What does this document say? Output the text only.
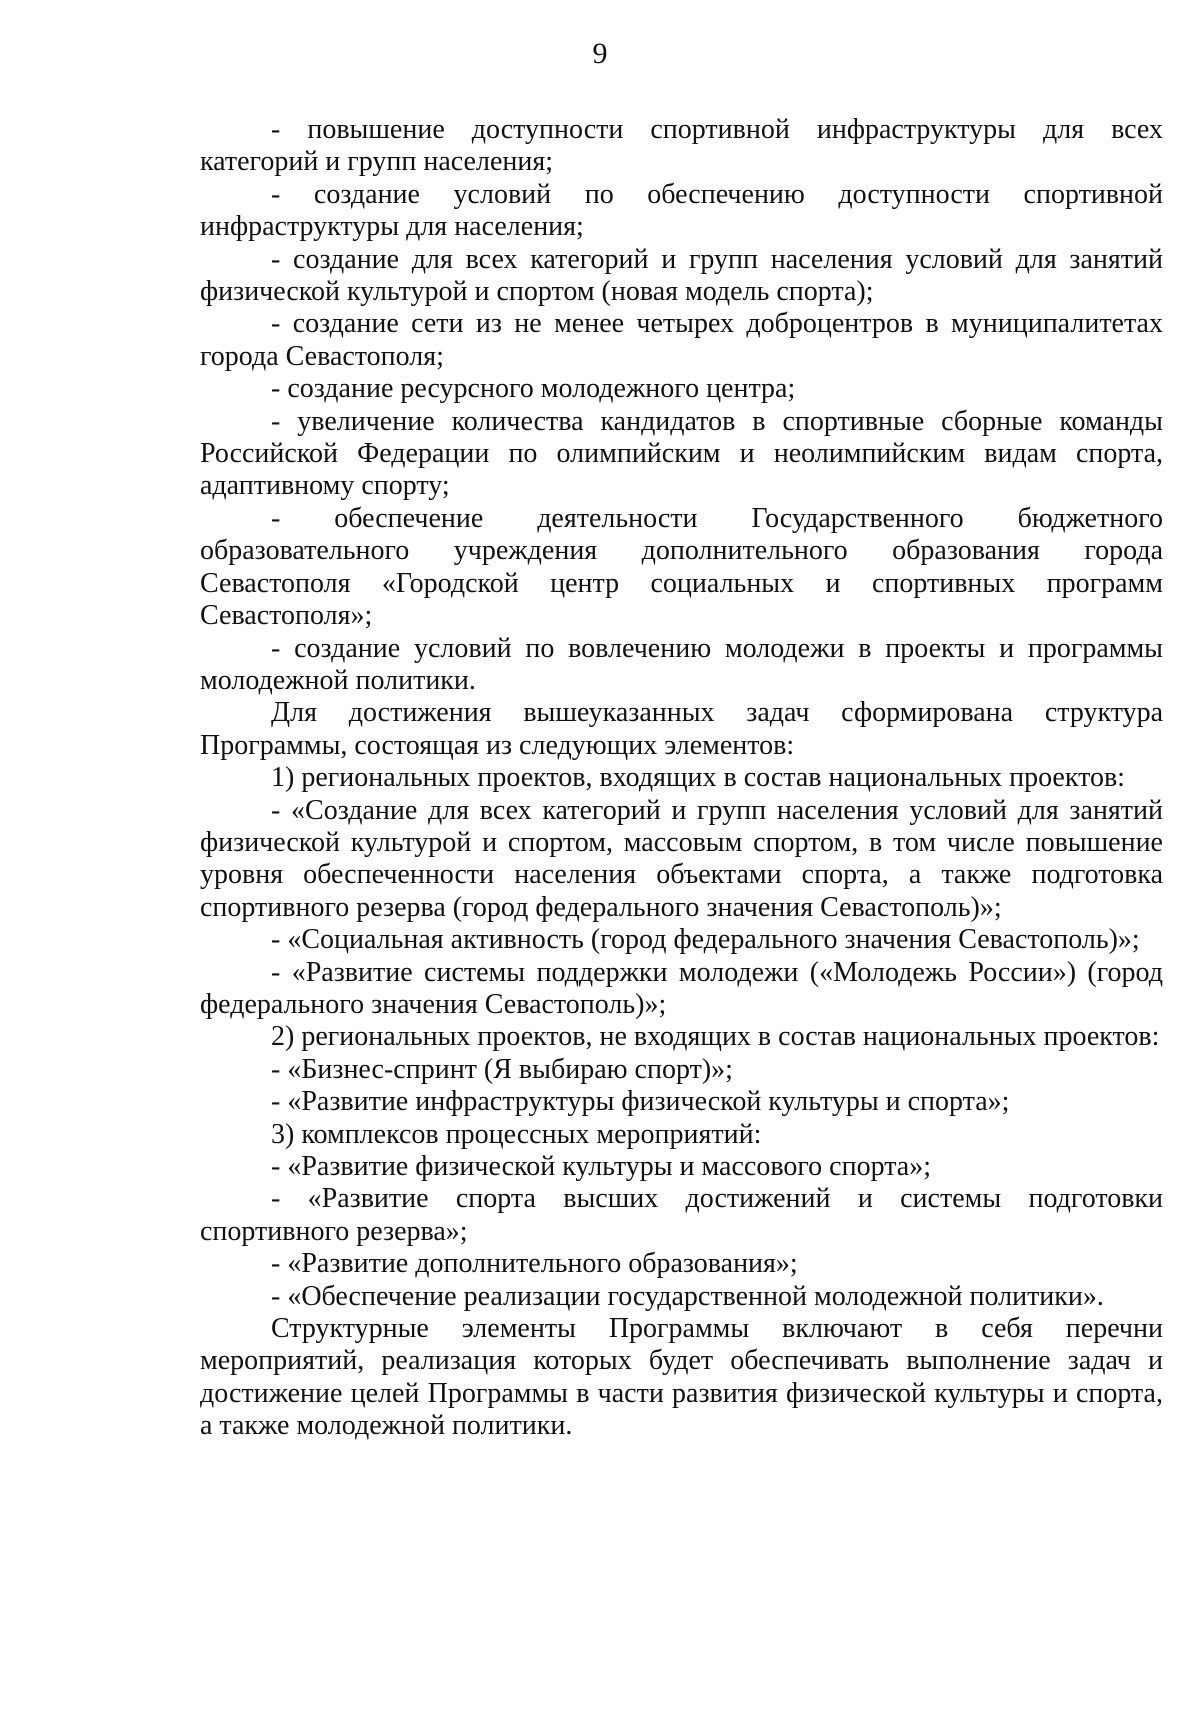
9

- повышение доступности спортивной инфраструктуры для всех категорий и групп населения;

- создание условий по обеспечению доступности спортивной инфраструктуры для населения;

- создание для всех категорий и групп населения условий для занятий физической культурой и спортом (новая модель спорта);

- создание сети из не менее четырех доброцентров в муниципалитетах города Севастополя;

- создание ресурсного молодежного центра;

- увеличение количества кандидатов в спортивные сборные команды Российской Федерации по олимпийским и неолимпийским видам спорта, адаптивному спорту;

- обеспечение деятельности Государственного бюджетного образовательного учреждения дополнительного образования города Севастополя «Городской центр социальных и спортивных программ Севастополя»;

- создание условий по вовлечению молодежи в проекты и программы молодежной политики.

Для достижения вышеуказанных задач сформирована структура Программы, состоящая из следующих элементов:

1) региональных проектов, входящих в состав национальных проектов:

- «Создание для всех категорий и групп населения условий для занятий физической культурой и спортом, массовым спортом, в том числе повышение уровня обеспеченности населения объектами спорта, а также подготовка спортивного резерва (город федерального значения Севастополь)»;

- «Социальная активность (город федерального значения Севастополь)»;

- «Развитие системы поддержки молодежи («Молодежь России») (город федерального значения Севастополь)»;

2) региональных проектов, не входящих в состав национальных проектов:

- «Бизнес-спринт (Я выбираю спорт)»;

- «Развитие инфраструктуры физической культуры и спорта»;

3) комплексов процессных мероприятий:

- «Развитие физической культуры и массового спорта»;

- «Развитие спорта высших достижений и системы подготовки спортивного резерва»;

- «Развитие дополнительного образования»;

- «Обеспечение реализации государственной молодежной политики».

Структурные элементы Программы включают в себя перечни мероприятий, реализация которых будет обеспечивать выполнение задач и достижение целей Программы в части развития физической культуры и спорта, а также молодежной политики.
